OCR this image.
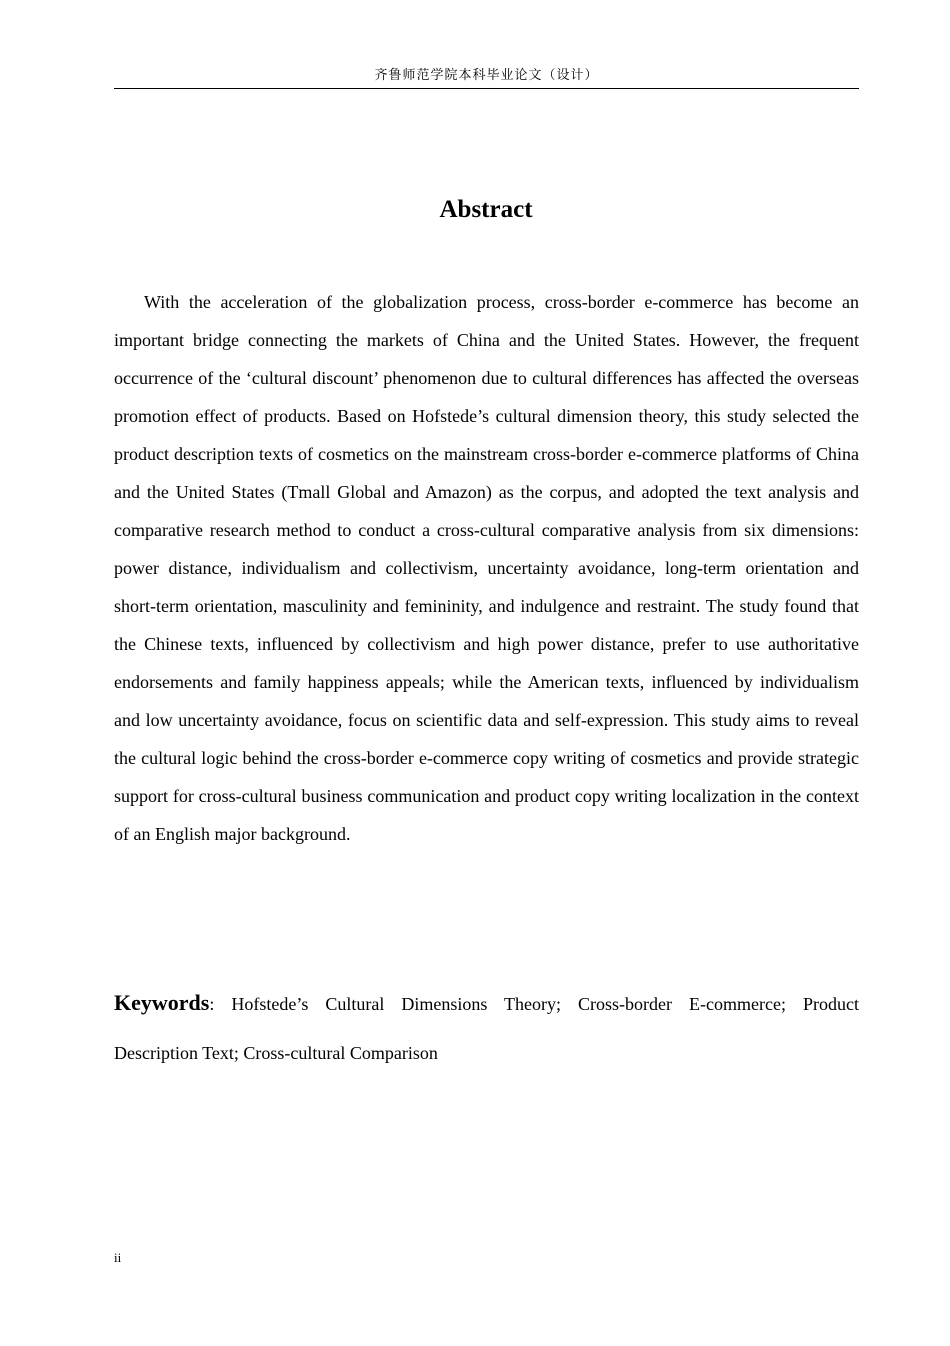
齐鲁师范学院本科毕业论文（设计）
Abstract

With the acceleration of the globalization process, cross-border e-commerce has become an important bridge connecting the markets of China and the United States. However, the frequent occurrence of the ‘cultural discount’ phenomenon due to cultural differences has affected the overseas promotion effect of products. Based on Hofstede’s cultural dimension theory, this study selected the product description texts of cosmetics on the mainstream cross-border e-commerce platforms of China and the United States (Tmall Global and Amazon) as the corpus, and adopted the text analysis and comparative research method to conduct a cross-cultural comparative analysis from six dimensions: power distance, individualism and collectivism, uncertainty avoidance, long-term orientation and short-term orientation, masculinity and femininity, and indulgence and restraint. The study found that the Chinese texts, influenced by collectivism and high power distance, prefer to use authoritative endorsements and family happiness appeals; while the American texts, influenced by individualism and low uncertainty avoidance, focus on scientific data and self-expression. This study aims to reveal the cultural logic behind the cross-border e-commerce copy writing of cosmetics and provide strategic support for cross-cultural business communication and product copy writing localization in the context of an English major background.

Keywords: Hofstede’s Cultural Dimensions Theory; Cross-border E-commerce; Product Description Text; Cross-cultural Comparison

ii
